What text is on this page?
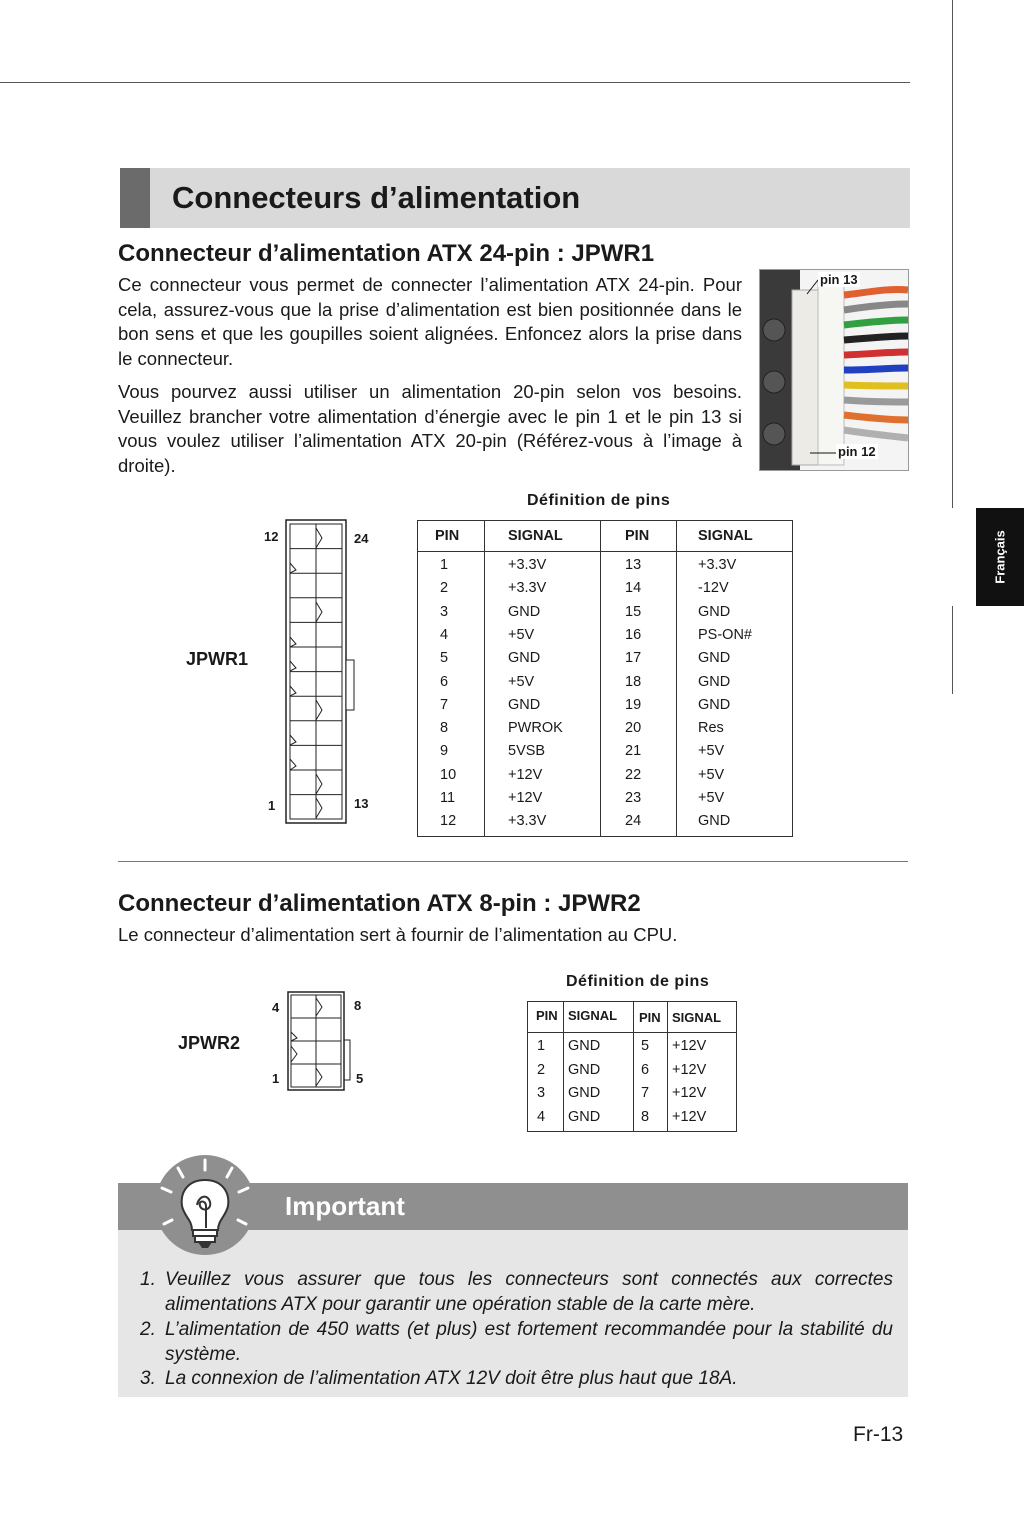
Connecteurs d’alimentation
Connecteur d’alimentation ATX 24-pin : JPWR1
Ce connecteur vous permet de connecter l’alimentation ATX 24-pin. Pour cela, assurez-vous que la prise d’alimentation est bien positionnée dans le bon sens et que les goupilles soient alignées. Enfoncez alors la prise dans le connecteur.
Vous pourvez aussi utiliser un alimentation 20-pin selon vos besoins. Veuillez brancher votre alimentation d’énergie avec le pin 1 et le pin 13 si vous voulez utiliser l’alimentation ATX 20-pin (Référez-vous à l’image à droite).
pin 13
pin 12
Français
JPWR1
12	24
1	13
Définition de pins
PIN	SIGNAL	PIN	SIGNAL
1	+3.3V	13	+3.3V
2	+3.3V	14	-12V
3	GND	15	GND
4	+5V	16	PS-ON#
5	GND	17	GND
6	+5V	18	GND
7	GND	19	GND
8	PWROK	20	Res
9	5VSB	21	+5V
10	+12V	22	+5V
11	+12V	23	+5V
12	+3.3V	24	GND
Connecteur d’alimentation ATX 8-pin : JPWR2
Le connecteur d’alimentation sert à fournir de l’alimentation au CPU.
JPWR2
4	8
1	5
Définition de pins
PIN SIGNAL PIN SIGNAL
1 GND	5 +12V
2 GND	6 +12V
3 GND	7 +12V
4 GND	8 +12V
Important
1. Veuillez vous assurer que tous les connecteurs sont connectés aux correctes alimentations ATX pour garantir une opération stable de la carte mère.
2. L’alimentation de 450 watts (et plus) est fortement recommandée pour la stabilité du système.
3. La connexion de l’alimentation ATX 12V doit être plus haut que 18A.
Fr-13
